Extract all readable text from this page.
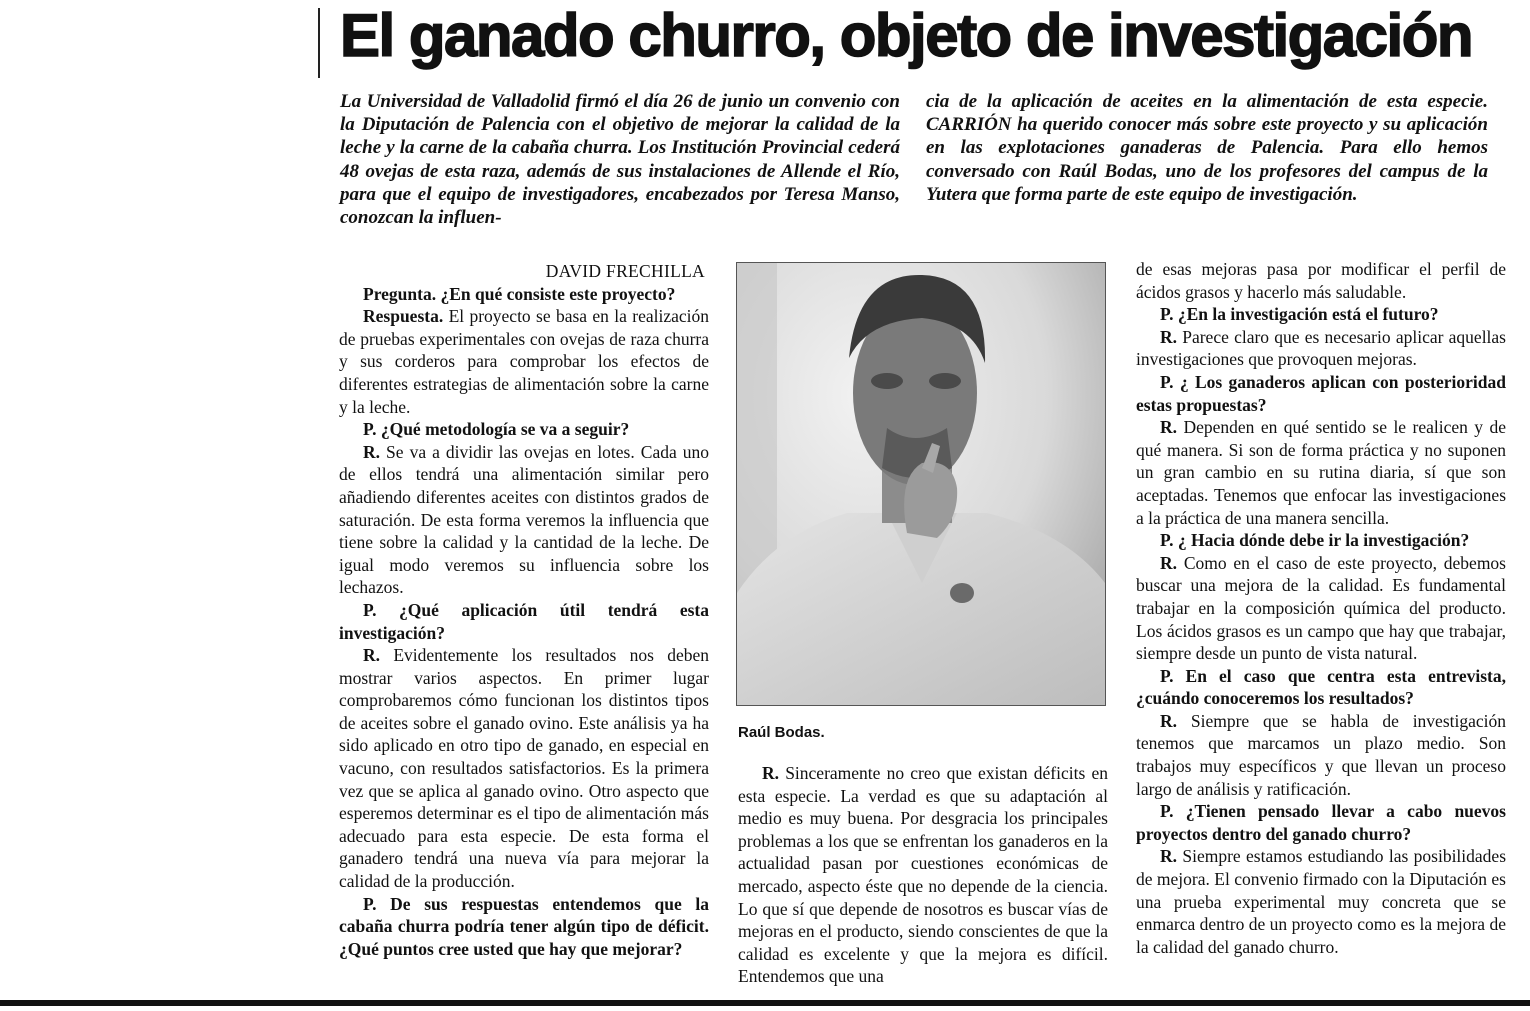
El ganado churro, objeto de investigación

La Universidad de Valladolid firmó el día 26 de junio un convenio con la Diputación de Palencia con el objetivo de mejorar la calidad de la leche y la carne de la cabaña churra. Los Institución Provincial cederá 48 ovejas de esta raza, además de sus instalaciones de Allende el Río, para que el equipo de investigadores, encabezados por Teresa Manso, conozcan la influen-

cia de la aplicación de aceites en la alimentación de esta especie. CARRIÓN ha querido conocer más sobre este proyecto y su aplicación en las explotaciones ganaderas de Palencia. Para ello hemos conversado con Raúl Bodas, uno de los profesores del campus de la Yutera que forma parte de este equipo de investigación.

DAVID FRECHILLA

Pregunta. ¿En qué consiste este proyecto?

Respuesta. El proyecto se basa en la realización de pruebas experimentales con ovejas de raza churra y sus corderos para comprobar los efectos de diferentes estrategias de alimentación sobre la carne y la leche.

P. ¿Qué metodología se va a seguir?

R. Se va a dividir las ovejas en lotes. Cada uno de ellos tendrá una alimentación similar pero añadiendo diferentes aceites con distintos grados de saturación. De esta forma veremos la influencia que tiene sobre la calidad y la cantidad de la leche. De igual modo veremos su influencia sobre los lechazos.

P. ¿Qué aplicación útil tendrá esta investigación?

R. Evidentemente los resultados nos deben mostrar varios aspectos. En primer lugar comprobaremos cómo funcionan los distintos tipos de aceites sobre el ganado ovino. Este análisis ya ha sido aplicado en otro tipo de ganado, en especial en vacuno, con resultados satisfactorios. Es la primera vez que se aplica al ganado ovino. Otro aspecto que esperemos determinar es el tipo de alimentación más adecuado para esta especie. De esta forma el ganadero tendrá una nueva vía para mejorar la calidad de la producción.

P. De sus respuestas entendemos que la cabaña churra podría tener algún tipo de déficit. ¿Qué puntos cree usted que hay que mejorar?

Raúl Bodas.

R. Sinceramente no creo que existan déficits en esta especie. La verdad es que su adaptación al medio es muy buena. Por desgracia los principales problemas a los que se enfrentan los ganaderos en la actualidad pasan por cuestiones económicas de mercado, aspecto éste que no depende de la ciencia. Lo que sí que depende de nosotros es buscar vías de mejoras en el producto, siendo conscientes de que la calidad es excelente y que la mejora es difícil. Entendemos que una

de esas mejoras pasa por modificar el perfil de ácidos grasos y hacerlo más saludable.

P. ¿En la investigación está el futuro?

R. Parece claro que es necesario aplicar aquellas investigaciones que provoquen mejoras.

P. ¿ Los ganaderos aplican con posterioridad estas propuestas?

R. Dependen en qué sentido se le realicen y de qué manera. Si son de forma práctica y no suponen un gran cambio en su rutina diaria, sí que son aceptadas. Tenemos que enfocar las investigaciones a la práctica de una manera sencilla.

P. ¿ Hacia dónde debe ir la investigación?

R. Como en el caso de este proyecto, debemos buscar una mejora de la calidad. Es fundamental trabajar en la composición química del producto. Los ácidos grasos es un campo que hay que trabajar, siempre desde un punto de vista natural.

P. En el caso que centra esta entrevista, ¿cuándo conoceremos los resultados?

R. Siempre que se habla de investigación tenemos que marcamos un plazo medio. Son trabajos muy específicos y que llevan un proceso largo de análisis y ratificación.

P. ¿Tienen pensado llevar a cabo nuevos proyectos dentro del ganado churro?

R. Siempre estamos estudiando las posibilidades de mejora. El convenio firmado con la Diputación es una prueba experimental muy concreta que se enmarca dentro de un proyecto como es la mejora de la calidad del ganado churro.
